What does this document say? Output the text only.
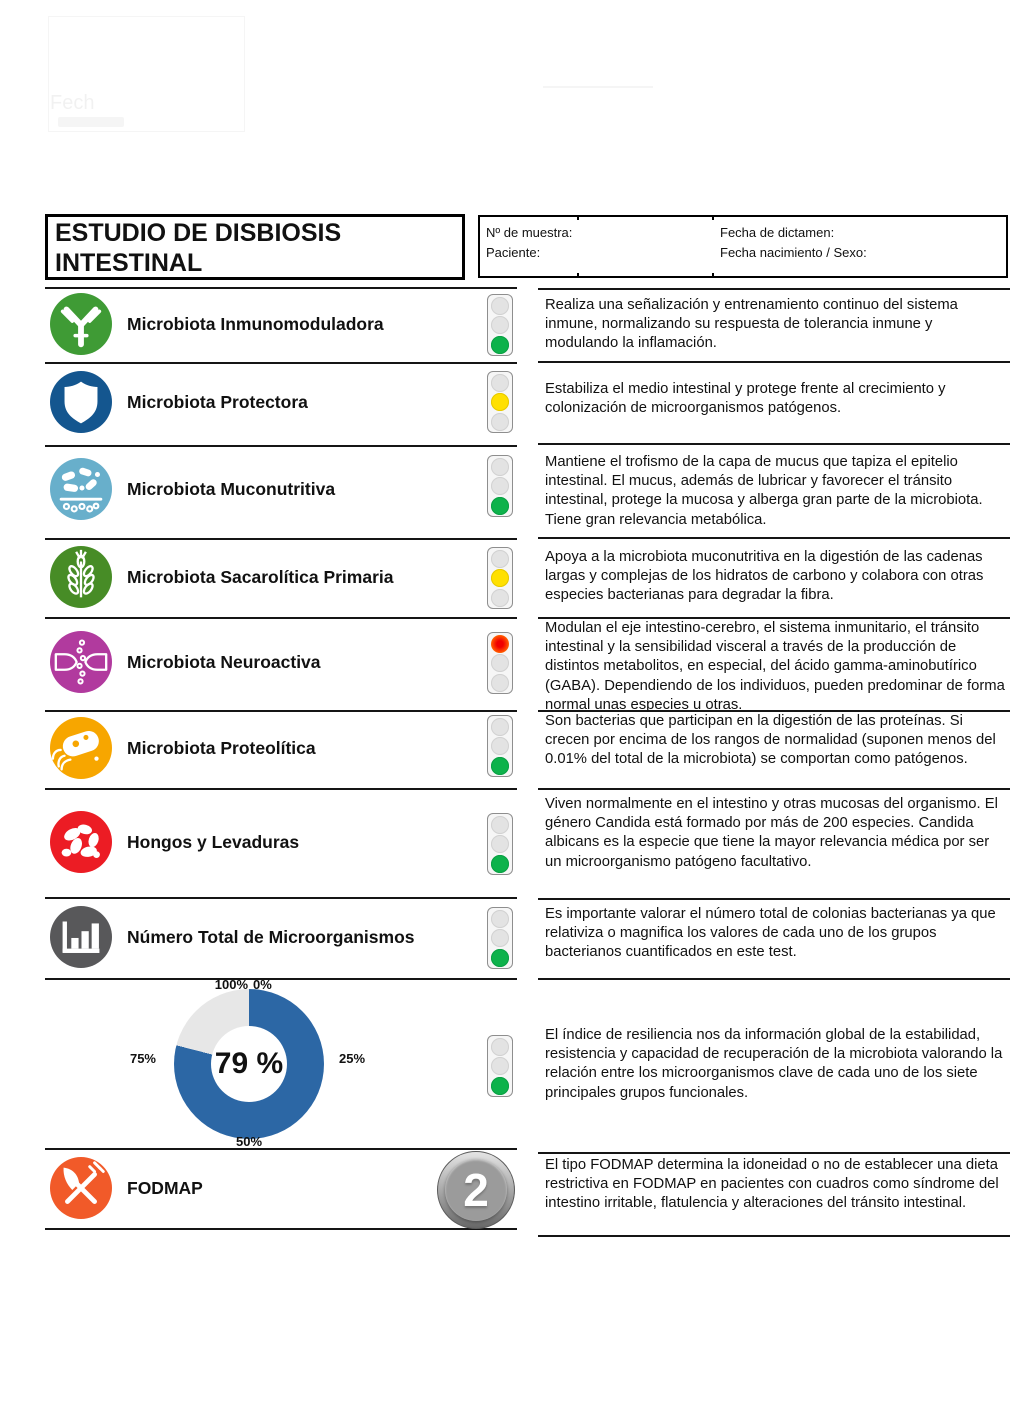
Fech
ESTUDIO DE DISBIOSIS INTESTINAL
Nº de muestra:
Paciente:
Fecha de dictamen:
Fecha nacimiento / Sexo:
Microbiota Inmunomoduladora
Realiza una señalización y entrenamiento continuo del sistema inmune, normalizando su respuesta de tolerancia inmune y modulando la inflamación.
Microbiota Protectora
Estabiliza el medio intestinal y protege frente al crecimiento y colonización de microorganismos patógenos.
Microbiota Muconutritiva
Mantiene el trofismo de la capa de mucus que tapiza el epitelio intestinal. El mucus, además de lubricar y favorecer el tránsito intestinal, protege la mucosa y alberga gran parte de la microbiota. Tiene gran relevancia metabólica.
Microbiota Sacarolítica Primaria
Apoya a la microbiota muconutritiva en la digestión de las cadenas largas y complejas de los hidratos de carbono y colabora con otras especies bacterianas para degradar la fibra.
Microbiota Neuroactiva
Modulan el eje intestino-cerebro, el sistema inmunitario, el tránsito intestinal y la sensibilidad visceral a través de la producción de distintos metabolitos, en especial, del ácido gamma-aminobutírico (GABA). Dependiendo de los individuos, pueden predominar de forma normal unas especies u otras.
Microbiota Proteolítica
Son bacterias que participan en la digestión de las proteínas. Si crecen por encima de los rangos de normalidad (suponen menos del 0.01% del total de la microbiota) se comportan como patógenos.
Hongos y Levaduras
Viven normalmente en el intestino y otras mucosas del organismo. El género Candida está formado por más de 200 especies. Candida albicans es la especie que tiene la mayor relevancia médica por ser un microorganismo patógeno facultativo.
Número Total de Microorganismos
Es importante valorar el número total de colonias bacterianas ya que relativiza o magnifica los valores de cada uno de los grupos bacterianos cuantificados en este test.
79 %
100% 0%
25%
75%
50%
El índice de resiliencia nos da información global de la estabilidad, resistencia y capacidad de recuperación de la microbiota valorando la relación entre los microorganismos clave de cada uno de los siete principales grupos funcionales.
FODMAP	2	El tipo FODMAP determina la idoneidad o no de establecer una dieta restrictiva en FODMAP en pacientes con cuadros como síndrome del intestino irritable, flatulencia y alteraciones del tránsito intestinal.
